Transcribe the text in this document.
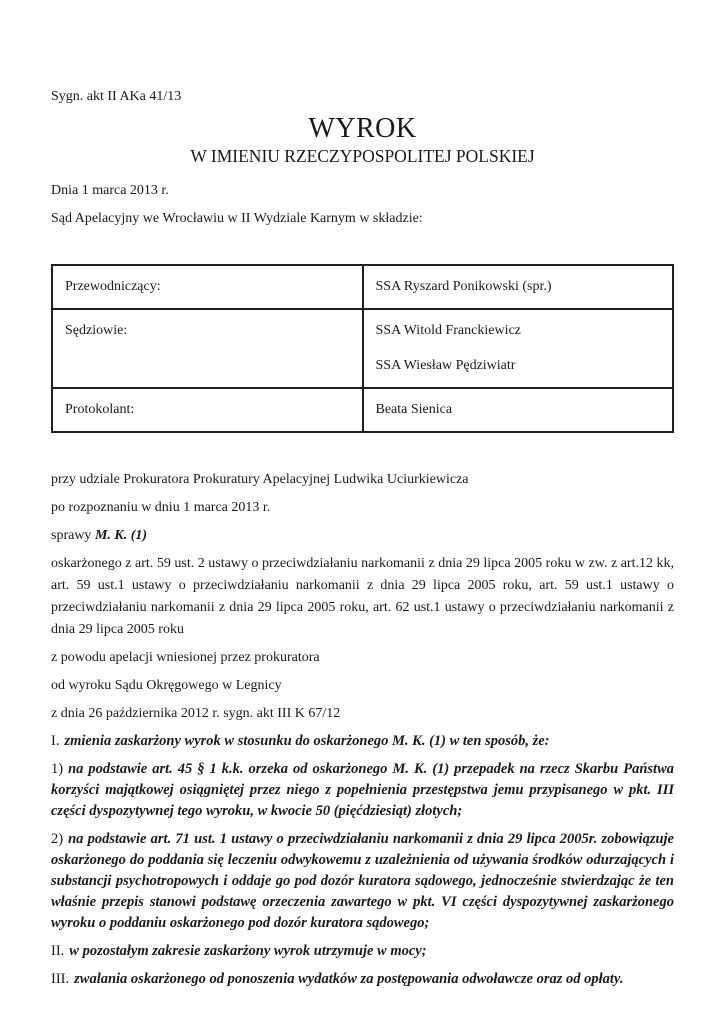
Sygn. akt II AKa 41/13

WYROK
W IMIENIU RZECZYPOSPOLITEJ POLSKIEJ

Dnia 1 marca 2013 r.

Sąd Apelacyjny we Wrocławiu w II Wydziale Karnym w składzie:

Przewodniczący:	SSA Ryszard Ponikowski (spr.)

Sędziowie:	SSA Witold Franckiewicz
SSA Wiesław Pędziwiatr

Protokolant:	Beata Sienica

przy udziale Prokuratora Prokuratury Apelacyjnej Ludwika Uciurkiewicza

po rozpoznaniu w dniu 1 marca 2013 r.

sprawy M. K. (1)

oskarżonego z art. 59 ust. 2 ustawy o przeciwdziałaniu narkomanii z dnia 29 lipca 2005 roku w zw. z art.12 kk, art. 59 ust.1 ustawy o przeciwdziałaniu narkomanii z dnia 29 lipca 2005 roku, art. 59 ust.1 ustawy o przeciwdziałaniu narkomanii z dnia 29 lipca 2005 roku, art. 62 ust.1 ustawy o przeciwdziałaniu narkomanii z dnia 29 lipca 2005 roku

z powodu apelacji wniesionej przez prokuratora

od wyroku Sądu Okręgowego w Legnicy

z dnia 26 października 2012 r. sygn. akt III K 67/12

I. zmienia zaskarżony wyrok w stosunku do oskarżonego M. K. (1) w ten sposób, że:

1) na podstawie art. 45 § 1 k.k. orzeka od oskarżonego M. K. (1) przepadek na rzecz Skarbu Państwa korzyści majątkowej osiągniętej przez niego z popełnienia przestępstwa jemu przypisanego w pkt. III części dyspozytywnej tego wyroku, w kwocie 50 (pięćdziesiąt) złotych;

2) na podstawie art. 71 ust. 1 ustawy o przeciwdziałaniu narkomanii z dnia 29 lipca 2005r. zobowiązuje oskarżonego do poddania się leczeniu odwykowemu z uzależnienia od używania środków odurzających i substancji psychotropowych i oddaje go pod dozór kuratora sądowego, jednocześnie stwierdzając że ten właśnie przepis stanowi podstawę orzeczenia zawartego w pkt. VI części dyspozytywnej zaskarżonego wyroku o poddaniu oskarżonego pod dozór kuratora sądowego;

II. w pozostałym zakresie zaskarżony wyrok utrzymuje w mocy;

III. zwalania oskarżonego od ponoszenia wydatków za postępowania odwoławcze oraz od opłaty.
